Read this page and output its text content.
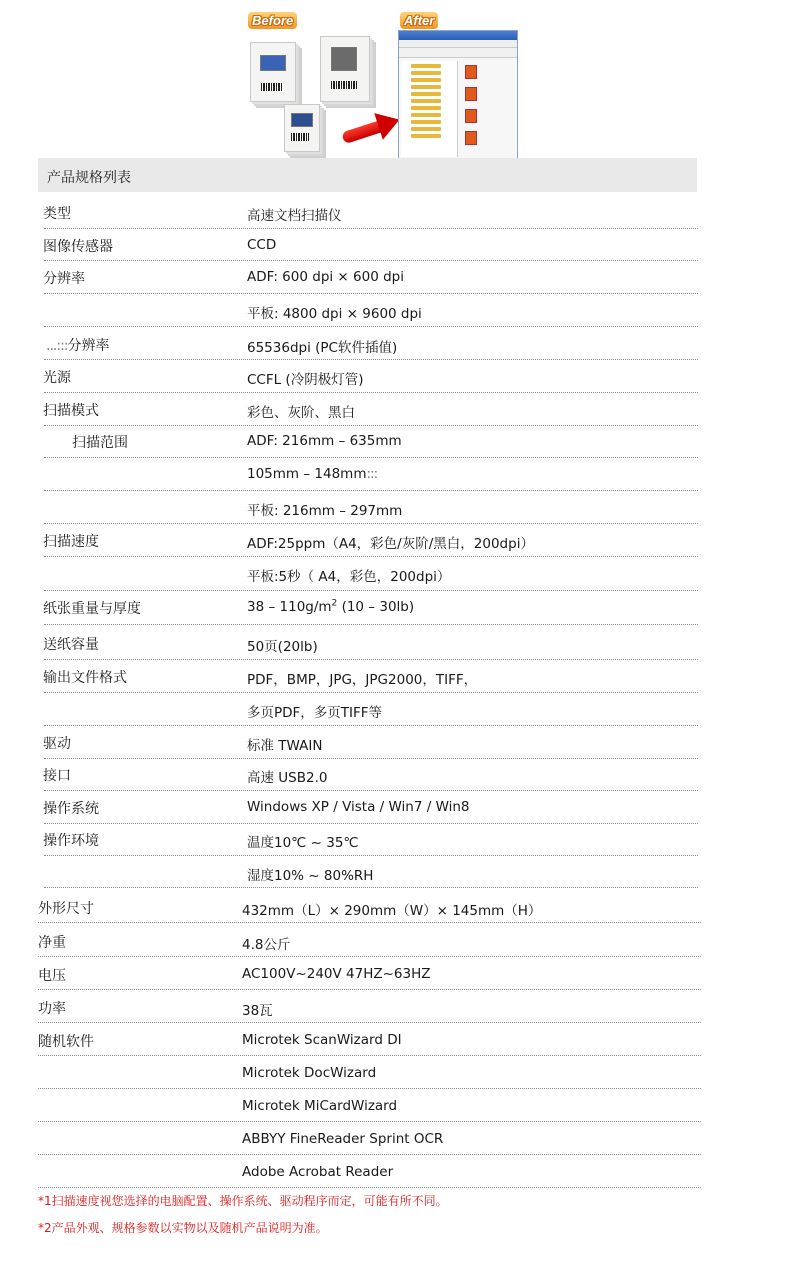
Before	After
产品规格列表
类型	高速文档扫描仪
图像传感器	CCD
分辨率	ADF: 600 dpi × 600 dpi
平板: 4800 dpi × 9600 dpi
...:::分辨率	65536dpi (PC软件插值)
光源	CCFL (冷阴极灯管)
扫描模式	彩色、灰阶、黑白
扫描范围	ADF: 216mm – 635mm
105mm – 148mm:::
平板: 216mm – 297mm
扫描速度	ADF:25ppm（A4，彩色/灰阶/黑白，200dpi）
平板:5秒（ A4，彩色，200dpi）
纸张重量与厚度	$38 - 110g/m^2$ (10 – 30lb)
送纸容量	50页(20lb)
输出文件格式	PDF，BMP，JPG，JPG2000，TIFF，
多页PDF，多页TIFF等
驱动	标准 TWAIN
接口	高速 USB2.0
操作系统	Windows XP / Vista / Win7 / Win8
操作环境	温度10℃ ~ 35℃
湿度10% ~ 80%RH
外形尺寸	432mm（L）× 290mm（W）× 145mm（H）
净重	4.8公斤
电压	AC100V~240V 47HZ~63HZ
功率	38瓦
随机软件	Microtek ScanWizard DI
Microtek DocWizard
Microtek MiCardWizard
ABBYY FineReader Sprint OCR
Adobe Acrobat Reader
*1扫描速度视您选择的电脑配置、操作系统、驱动程序而定，可能有所不同。
*2产品外观、规格参数以实物以及随机产品说明为准。
